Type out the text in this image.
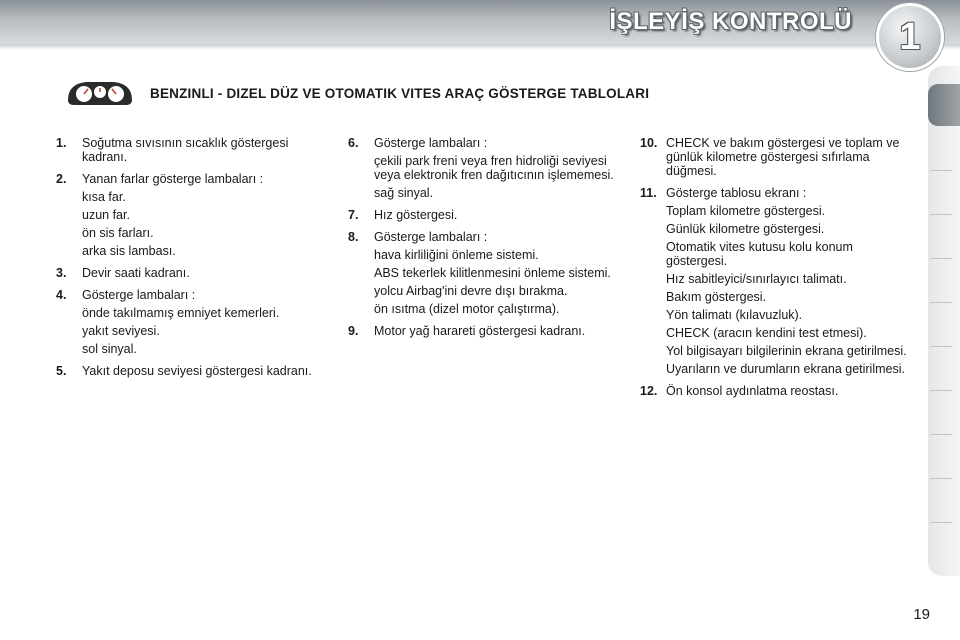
İŞLEYİŞ KONTROLÜ 1
BENZINLI - DIZEL DÜZ VE OTOMATIK VITES ARAÇ GÖSTERGE TABLOLARI
1. Soğutma sıvısının sıcaklık göstergesi kadranı.
2. Yanan farlar gösterge lambaları :
kısa far.
uzun far.
ön sis farları.
arka sis lambası.
3. Devir saati kadranı.
4. Gösterge lambaları :
önde takılmamış emniyet kemerleri.
yakıt seviyesi.
sol sinyal.
5. Yakıt deposu seviyesi göstergesi kadranı.
6. Gösterge lambaları :
çekili park freni veya fren hidroliği seviyesi veya elektronik fren dağıtıcının işlememesi.
sağ sinyal.
7. Hız göstergesi.
8. Gösterge lambaları :
hava kirliliğini önleme sistemi.
ABS tekerlek kilitlenmesini önleme sistemi.
yolcu Airbag'ini devre dışı bırakma.
ön ısıtma (dizel motor çalıştırma).
9. Motor yağ harareti göstergesi kadranı.
10. CHECK ve bakım göstergesi ve toplam ve günlük kilometre göstergesi sıfırlama düğmesi.
11. Gösterge tablosu ekranı :
Toplam kilometre göstergesi.
Günlük kilometre göstergesi.
Otomatik vites kutusu kolu konum göstergesi.
Hız sabitleyici/sınırlayıcı talimatı.
Bakım göstergesi.
Yön talimatı (kılavuzluk).
CHECK (aracın kendini test etmesi).
Yol bilgisayarı bilgilerinin ekrana getirilmesi.
Uyarıların ve durumların ekrana getirilmesi.
12. Ön konsol aydınlatma reostası.
19
